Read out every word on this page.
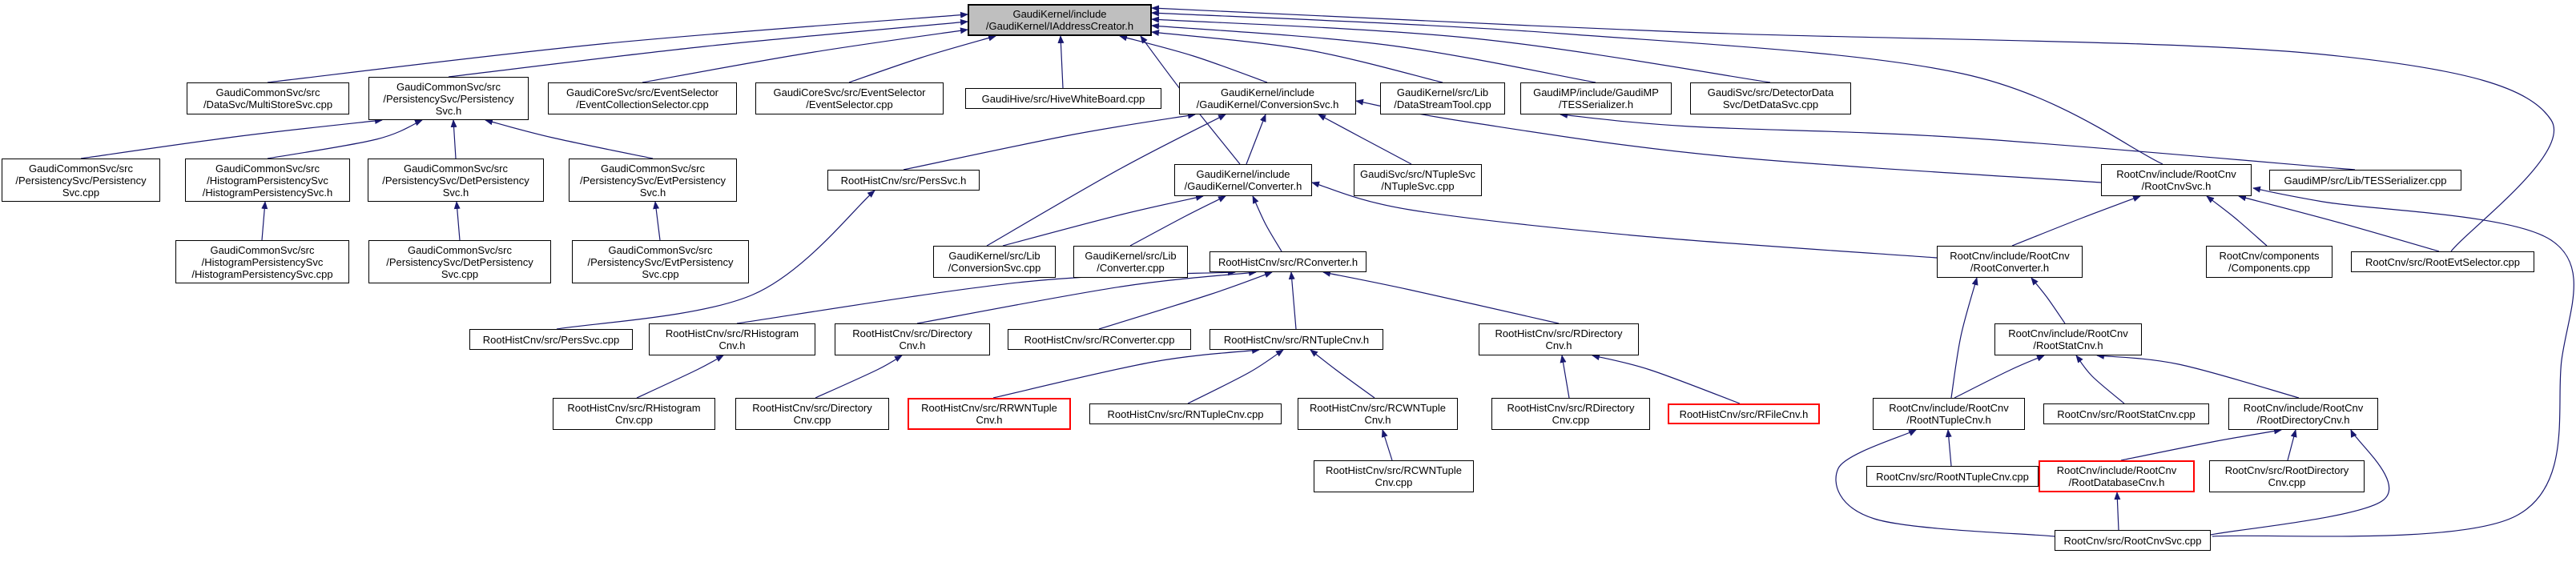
GaudiKernel/include
/GaudiKernel/IAddressCreator.h
GaudiCommonSvc/src
/DataSvc/MultiStoreSvc.cpp
GaudiCommonSvc/src
/PersistencySvc/Persistency
Svc.h
GaudiCoreSvc/src/EventSelector
/EventCollectionSelector.cpp
GaudiCoreSvc/src/EventSelector
/EventSelector.cpp	GaudiHive/src/HiveWhiteBoard.cpp	GaudiKernel/include
/GaudiKernel/ConversionSvc.h
GaudiKernel/src/Lib
/DataStreamTool.cpp
GaudiMP/include/GaudiMP
/TESSerializer.h
GaudiSvc/src/DetectorData
Svc/DetDataSvc.cpp
GaudiCommonSvc/src
/PersistencySvc/Persistency
Svc.cpp
GaudiCommonSvc/src
/HistogramPersistencySvc
/HistogramPersistencySvc.h
GaudiCommonSvc/src
/PersistencySvc/DetPersistency
Svc.h
GaudiCommonSvc/src
/PersistencySvc/EvtPersistency
Svc.h
RootHistCnv/src/PersSvc.h	GaudiKernel/include
/GaudiKernel/Converter.h
GaudiSvc/src/NTupleSvc
/NTupleSvc.cpp
RootCnv/include/RootCnv
/RootCnvSvc.h	GaudiMP/src/Lib/TESSerializer.cpp
GaudiCommonSvc/src
/HistogramPersistencySvc
/HistogramPersistencySvc.cpp
GaudiCommonSvc/src
/PersistencySvc/DetPersistency
Svc.cpp
GaudiCommonSvc/src
/PersistencySvc/EvtPersistency
Svc.cpp
GaudiKernel/src/Lib
/ConversionSvc.cpp
GaudiKernel/src/Lib
/Converter.cpp	RootHistCnv/src/RConverter.h	RootCnv/include/RootCnv
/RootConverter.h
RootCnv/components
/Components.cpp	RootCnv/src/RootEvtSelector.cpp
RootHistCnv/src/PersSvc.cpp	RootHistCnv/src/RHistogram
Cnv.h
RootHistCnv/src/Directory
Cnv.h	RootHistCnv/src/RConverter.cpp	RootHistCnv/src/RNTupleCnv.h	RootHistCnv/src/RDirectory
Cnv.h
RootCnv/include/RootCnv
/RootStatCnv.h
RootHistCnv/src/RHistogram
Cnv.cpp
RootHistCnv/src/Directory
Cnv.cpp
RootHistCnv/src/RRWNTuple
Cnv.h	RootHistCnv/src/RNTupleCnv.cpp	RootHistCnv/src/RCWNTuple
Cnv.h
RootHistCnv/src/RDirectory
Cnv.cpp	RootHistCnv/src/RFileCnv.h	RootCnv/include/RootCnv
/RootNTupleCnv.h	RootCnv/src/RootStatCnv.cpp	RootCnv/include/RootCnv
/RootDirectoryCnv.h
RootHistCnv/src/RCWNTuple
Cnv.cpp	RootCnv/src/RootNTupleCnv.cpp	RootCnv/include/RootCnv
/RootDatabaseCnv.h
RootCnv/src/RootDirectory
Cnv.cpp
RootCnv/src/RootCnvSvc.cpp
